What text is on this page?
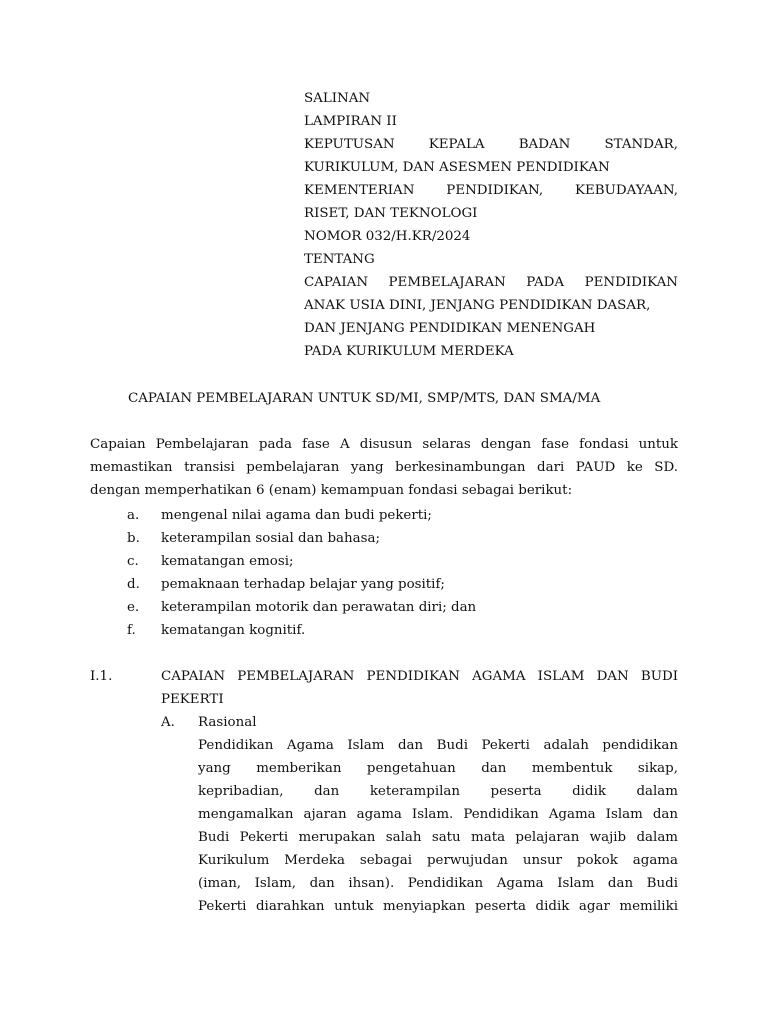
SALINAN
LAMPIRAN II
KEPUTUSAN KEPALA BADAN STANDAR,
KURIKULUM, DAN ASESMEN PENDIDIKAN
KEMENTERIAN PENDIDIKAN, KEBUDAYAAN,
RISET, DAN TEKNOLOGI
NOMOR 032/H.KR/2024
TENTANG
CAPAIAN PEMBELAJARAN PADA PENDIDIKAN
ANAK USIA DINI, JENJANG PENDIDIKAN DASAR,
DAN JENJANG PENDIDIKAN MENENGAH
PADA KURIKULUM MERDEKA
CAPAIAN PEMBELAJARAN UNTUK SD/MI, SMP/MTS, DAN SMA/MA
Capaian Pembelajaran pada fase A disusun selaras dengan fase fondasi untuk
memastikan transisi pembelajaran yang berkesinambungan dari PAUD ke SD.
dengan memperhatikan 6 (enam) kemampuan fondasi sebagai berikut:
a. mengenal nilai agama dan budi pekerti;
b. keterampilan sosial dan bahasa;
c. kematangan emosi;
d. pemaknaan terhadap belajar yang positif;
e. keterampilan motorik dan perawatan diri; dan
f. kematangan kognitif.
I.1.	CAPAIAN PEMBELAJARAN PENDIDIKAN AGAMA ISLAM DAN BUDI
PEKERTI
A. Rasional
Pendidikan Agama Islam dan Budi Pekerti adalah pendidikan
yang memberikan pengetahuan dan membentuk sikap,
kepribadian, dan keterampilan peserta didik dalam
mengamalkan ajaran agama Islam. Pendidikan Agama Islam dan
Budi Pekerti merupakan salah satu mata pelajaran wajib dalam
Kurikulum Merdeka sebagai perwujudan unsur pokok agama
(iman, Islam, dan ihsan). Pendidikan Agama Islam dan Budi
Pekerti diarahkan untuk menyiapkan peserta didik agar memiliki
